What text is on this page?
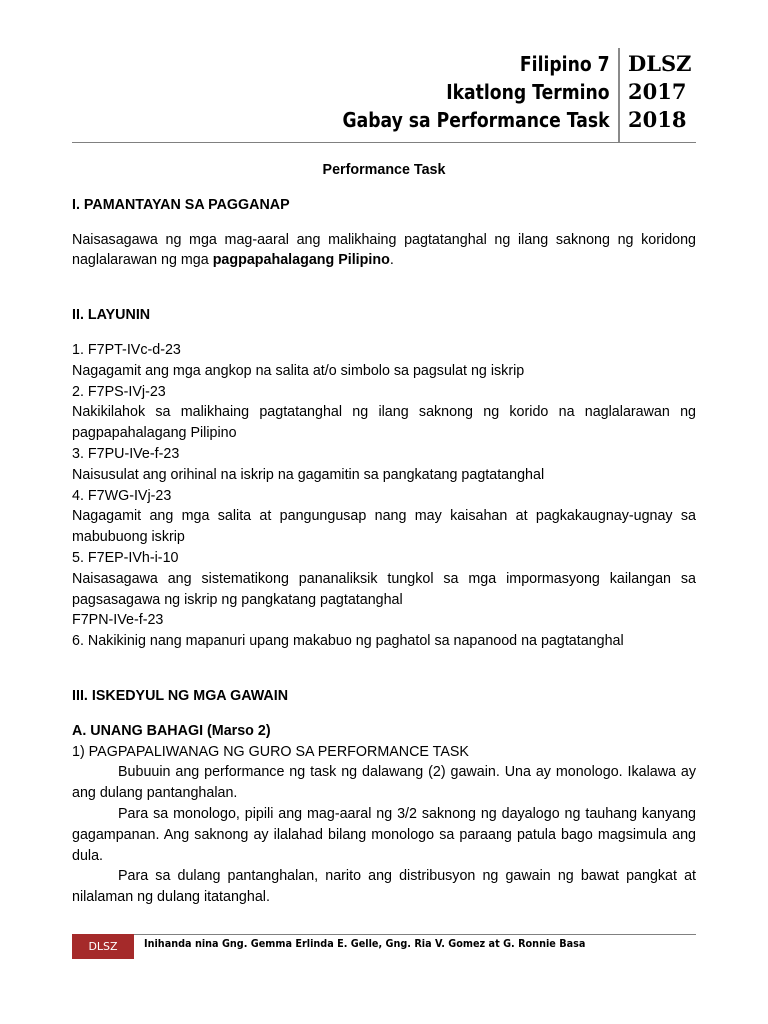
Filipino 7
Ikatlong Termino
Gabay sa Performance Task
DLSZ
2017
2018

Performance Task

I. PAMANTAYAN SA PAGGANAP

Naisasagawa ng mga mag-aaral ang malikhaing pagtatanghal ng ilang saknong ng koridong naglalarawan ng mga pagpapahalagang Pilipino.

II. LAYUNIN

1. F7PT-IVc-d-23

Nagagamit ang mga angkop na salita at/o simbolo sa pagsulat ng iskrip

2. F7PS-IVj-23

Nakikilahok sa malikhaing pagtatanghal ng ilang saknong ng korido na naglalarawan ng pagpapahalagang Pilipino

3. F7PU-IVe-f-23

Naisusulat ang orihinal na iskrip na gagamitin sa pangkatang pagtatanghal

4. F7WG-IVj-23

Nagagamit ang mga salita at pangungusap nang may kaisahan at pagkakaugnay-ugnay sa mabubuong iskrip

5. F7EP-IVh-i-10

Naisasagawa ang sistematikong pananaliksik tungkol sa mga impormasyong kailangan sa pagsasagawa ng iskrip ng pangkatang pagtatanghal

F7PN-IVe-f-23

6. Nakikinig nang mapanuri upang makabuo ng paghatol sa napanood na pagtatanghal

III. ISKEDYUL NG MGA GAWAIN

A. UNANG BAHAGI (Marso 2)

1) PAGPAPALIWANAG NG GURO SA PERFORMANCE TASK

Bubuuin ang performance ng task ng dalawang (2) gawain. Una ay monologo. Ikalawa ay ang dulang pantanghalan.

Para sa monologo, pipili ang mag-aaral ng 3/2 saknong ng dayalogo ng tauhang kanyang gagampanan. Ang saknong ay ilalahad bilang monologo sa paraang patula bago magsimula ang dula.

Para sa dulang pantanghalan, narito ang distribusyon ng gawain ng bawat pangkat at nilalaman ng dulang itatanghal.

DLSZ	Inihanda nina Gng. Gemma Erlinda E. Gelle, Gng. Ria V. Gomez at G. Ronnie Basa
